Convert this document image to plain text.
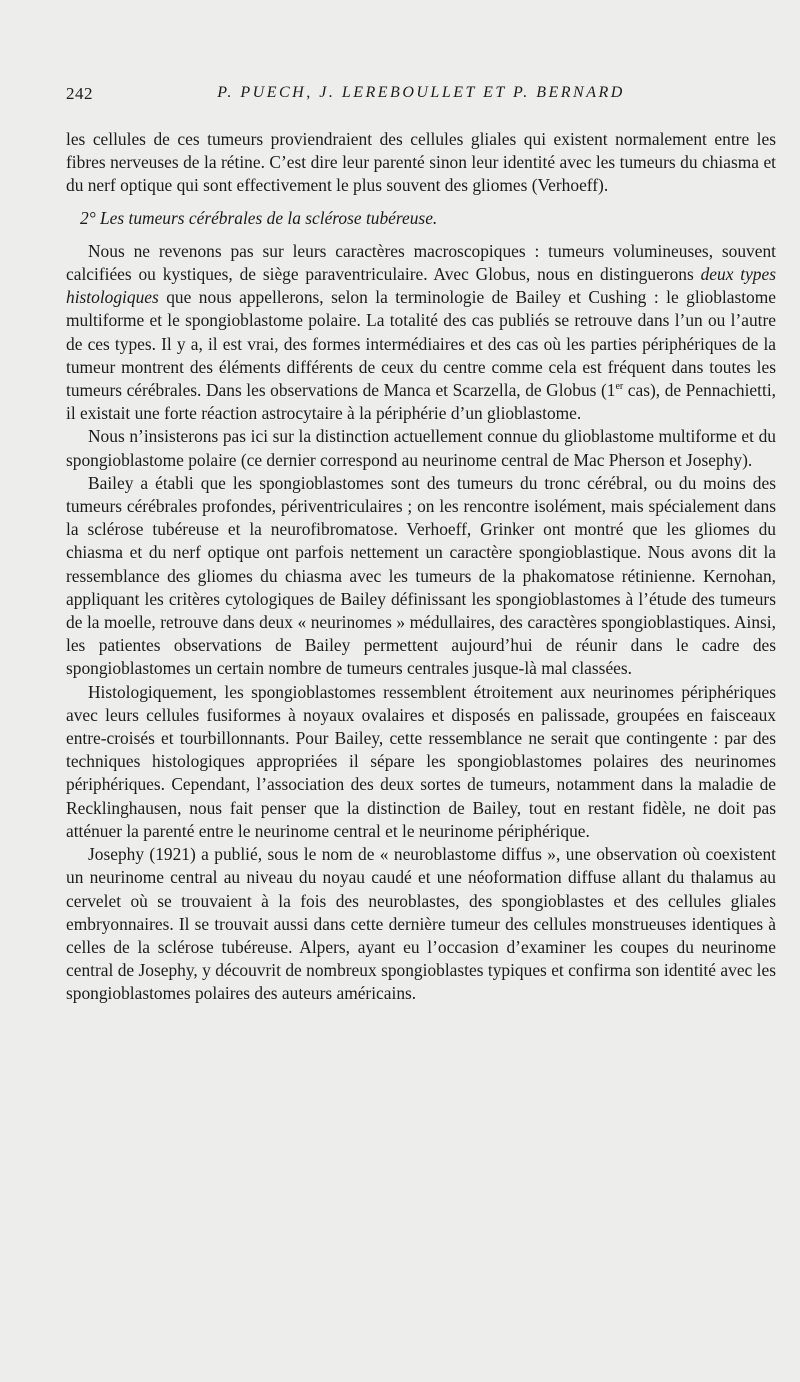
242	P. PUECH, J. LEREBOULLET ET P. BERNARD

les cellules de ces tumeurs proviendraient des cellules gliales qui existent normalement entre les fibres nerveuses de la rétine. C’est dire leur parenté sinon leur identité avec les tumeurs du chiasma et du nerf optique qui sont effectivement le plus souvent des gliomes (Verhoeff).

2° Les tumeurs cérébrales de la sclérose tubéreuse.

Nous ne revenons pas sur leurs caractères macroscopiques : tumeurs volumineuses, souvent calcifiées ou kystiques, de siège paraventriculaire. Avec Globus, nous en distinguerons deux types histologiques que nous appellerons, selon la terminologie de Bailey et Cushing : le glioblastome multiforme et le spongioblastome polaire. La totalité des cas publiés se retrouve dans l’un ou l’autre de ces types. Il y a, il est vrai, des formes intermédiaires et des cas où les parties périphériques de la tumeur montrent des éléments différents de ceux du centre comme cela est fréquent dans toutes les tumeurs cérébrales. Dans les observations de Manca et Scarzella, de Globus (1er cas), de Pennachietti, il existait une forte réaction astrocytaire à la périphérie d’un glioblastome.

Nous n’insisterons pas ici sur la distinction actuellement connue du glioblastome multiforme et du spongioblastome polaire (ce dernier correspond au neurinome central de Mac Pherson et Josephy).

Bailey a établi que les spongioblastomes sont des tumeurs du tronc cérébral, ou du moins des tumeurs cérébrales profondes, périventriculaires ; on les rencontre isolément, mais spécialement dans la sclérose tubéreuse et la neurofibromatose. Verhoeff, Grinker ont montré que les gliomes du chiasma et du nerf optique ont parfois nettement un caractère spongioblastique. Nous avons dit la ressemblance des gliomes du chiasma avec les tumeurs de la phakomatose rétinienne. Kernohan, appliquant les critères cytologiques de Bailey définissant les spongioblastomes à l’étude des tumeurs de la moelle, retrouve dans deux « neurinomes » médullaires, des caractères spongioblastiques. Ainsi, les patientes observations de Bailey permettent aujourd’hui de réunir dans le cadre des spongioblastomes un certain nombre de tumeurs centrales jusque-là mal classées.

Histologiquement, les spongioblastomes ressemblent étroitement aux neurinomes périphériques avec leurs cellules fusiformes à noyaux ovalaires et disposés en palissade, groupées en faisceaux entre-croisés et tourbillonnants. Pour Bailey, cette ressemblance ne serait que contingente : par des techniques histologiques appropriées il sépare les spongioblastomes polaires des neurinomes périphériques. Cependant, l’association des deux sortes de tumeurs, notamment dans la maladie de Recklinghausen, nous fait penser que la distinction de Bailey, tout en restant fidèle, ne doit pas atténuer la parenté entre le neurinome central et le neurinome périphérique.

Josephy (1921) a publié, sous le nom de « neuroblastome diffus », une observation où coexistent un neurinome central au niveau du noyau caudé et une néoformation diffuse allant du thalamus au cervelet où se trouvaient à la fois des neuroblastes, des spongioblastes et des cellules gliales embryonnaires. Il se trouvait aussi dans cette dernière tumeur des cellules monstrueuses identiques à celles de la sclérose tubéreuse. Alpers, ayant eu l’occasion d’examiner les coupes du neurinome central de Josephy, y découvrit de nombreux spongioblastes typiques et confirma son identité avec les spongioblastomes polaires des auteurs américains.
